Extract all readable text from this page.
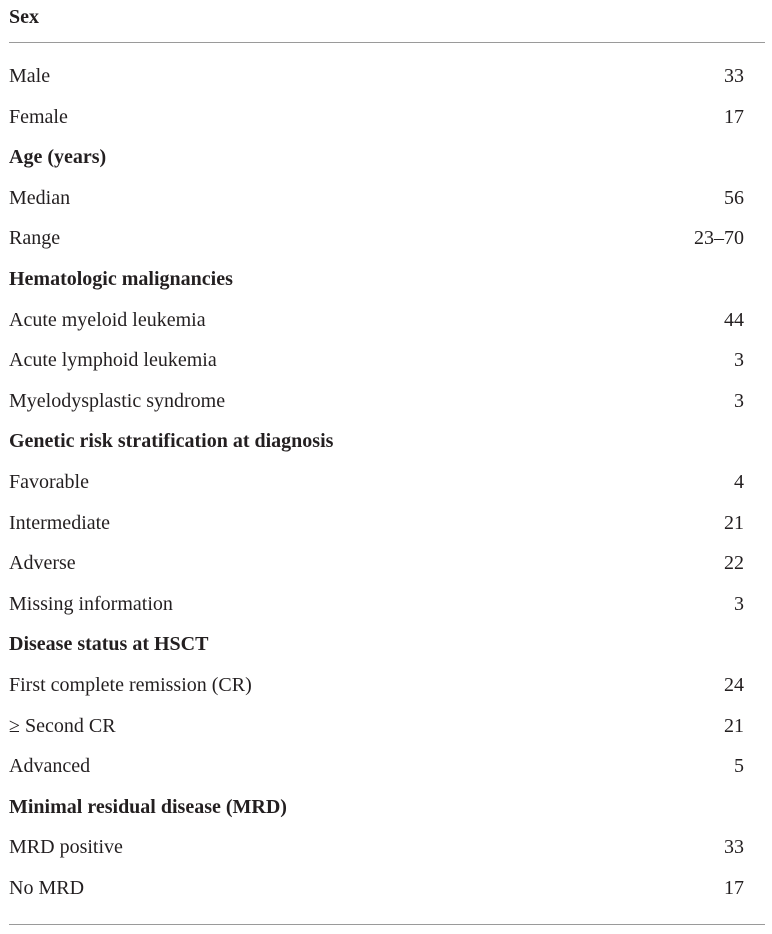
Sex
Male	33
Female	17
Age (years)
Median	56
Range	23–70
Hematologic malignancies
Acute myeloid leukemia	44
Acute lymphoid leukemia	3
Myelodysplastic syndrome	3
Genetic risk stratification at diagnosis
Favorable	4
Intermediate	21
Adverse	22
Missing information	3
Disease status at HSCT
First complete remission (CR)	24
≥ Second CR	21
Advanced	5
Minimal residual disease (MRD)
MRD positive	33
No MRD	17
